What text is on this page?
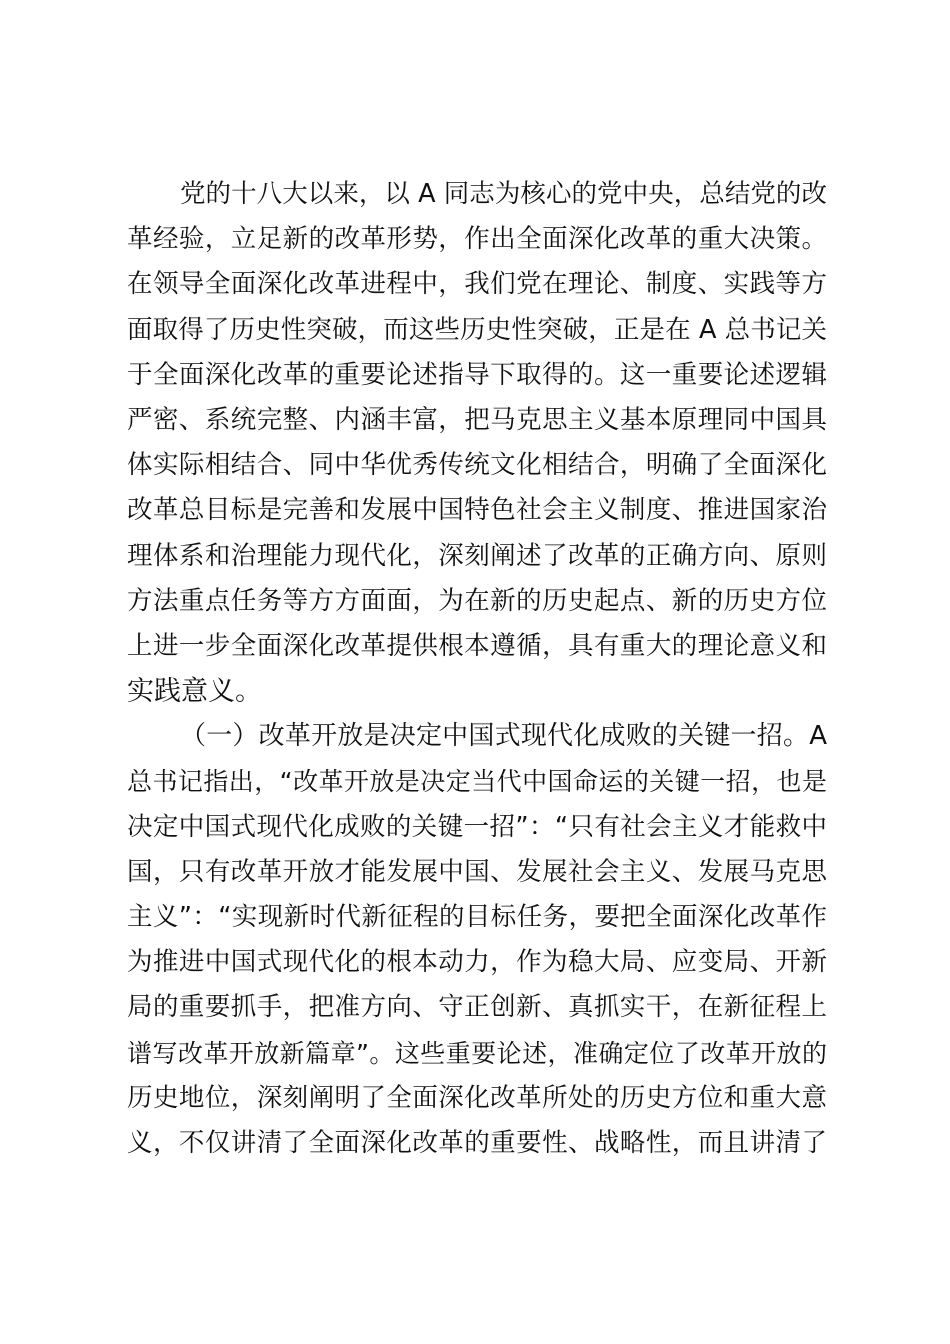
党的十八大以来，以 A 同志为核心的党中央，总结党的改
革经验，立足新的改革形势，作出全面深化改革的重大决策。
在领导全面深化改革进程中，我们党在理论、制度、实践等方
面取得了历史性突破，而这些历史性突破，正是在 A 总书记关
于全面深化改革的重要论述指导下取得的。这一重要论述逻辑
严密、系统完整、内涵丰富，把马克思主义基本原理同中国具
体实际相结合、同中华优秀传统文化相结合，明确了全面深化
改革总目标是完善和发展中国特色社会主义制度、推进国家治
理体系和治理能力现代化，深刻阐述了改革的正确方向、原则
方法重点任务等方方面面，为在新的历史起点、新的历史方位
上进一步全面深化改革提供根本遵循，具有重大的理论意义和
实践意义。
（一）改革开放是决定中国式现代化成败的关键一招。A
总书记指出，“改革开放是决定当代中国命运的关键一招，也是
决定中国式现代化成败的关键一招”：“只有社会主义才能救中
国，只有改革开放才能发展中国、发展社会主义、发展马克思
主义”：“实现新时代新征程的目标任务，要把全面深化改革作
为推进中国式现代化的根本动力，作为稳大局、应变局、开新
局的重要抓手，把准方向、守正创新、真抓实干，在新征程上
谱写改革开放新篇章”。这些重要论述，准确定位了改革开放的
历史地位，深刻阐明了全面深化改革所处的历史方位和重大意
义，不仅讲清了全面深化改革的重要性、战略性，而且讲清了
